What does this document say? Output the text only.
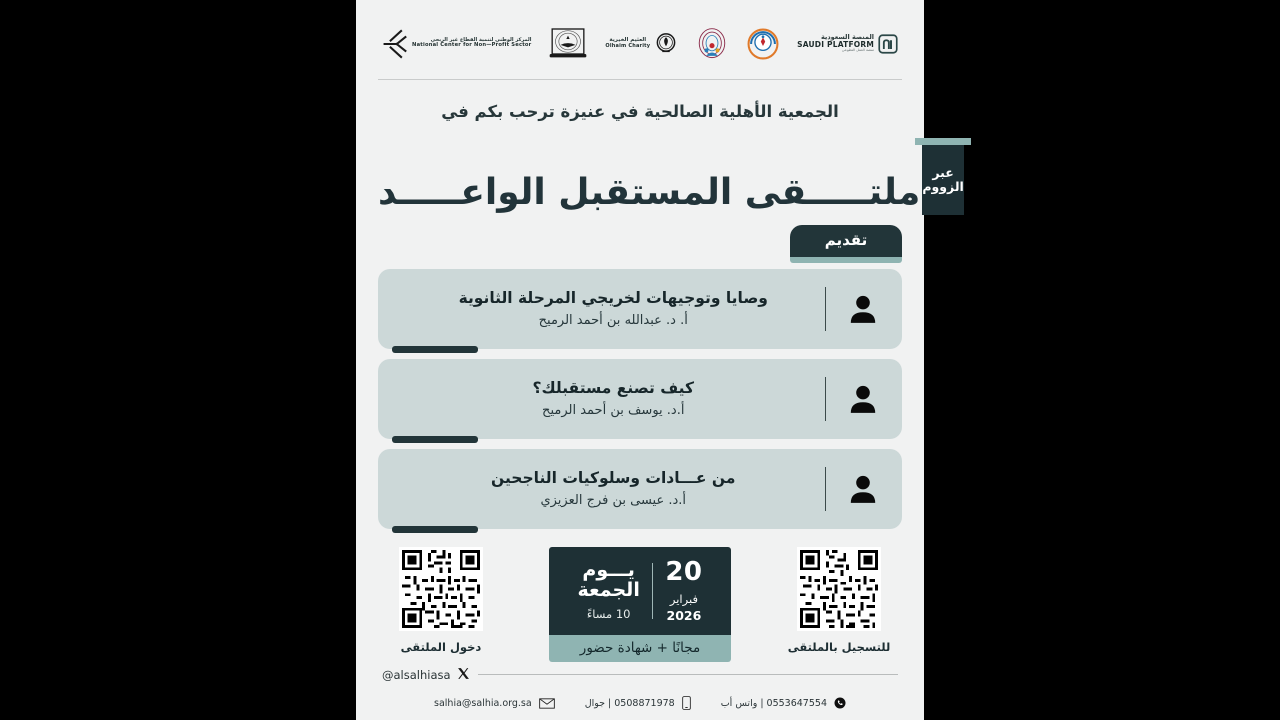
المنصة السعودية
SAUDI PLATFORM
منصة العمل التطوعي
العثيم الخيرية
Olhaim Charity
المركز الوطني لتنمية القطاع غير الربحي
National Center for Non—Profit Sector
الجمعية الأهلية الصالحية في عنيزة ترحب بكم في
ملتـــــقى المستقبل الواعـــــد عبر
الزووم
تقديم
وصايا وتوجيهات لخريجي المرحلة الثانوية
أ. د. عبدالله بن أحمد الرميح
كيف تصنع مستقبلك؟
أ.د. يوسف بن أحمد الرميح
من عـــادات وسلوكيات الناجحين
أ.د. عيسى بن فرج العزيزي
للتسجيل بالملتقى
20
فبراير
2026
يـــوم
الجمعة
10 مساءً
مجانًا + شهادة حضور
دخول الملتقى
@alsalhiasa
0553647554 | واتس أب
0508871978 | جوال
salhia@salhia.org.sa
